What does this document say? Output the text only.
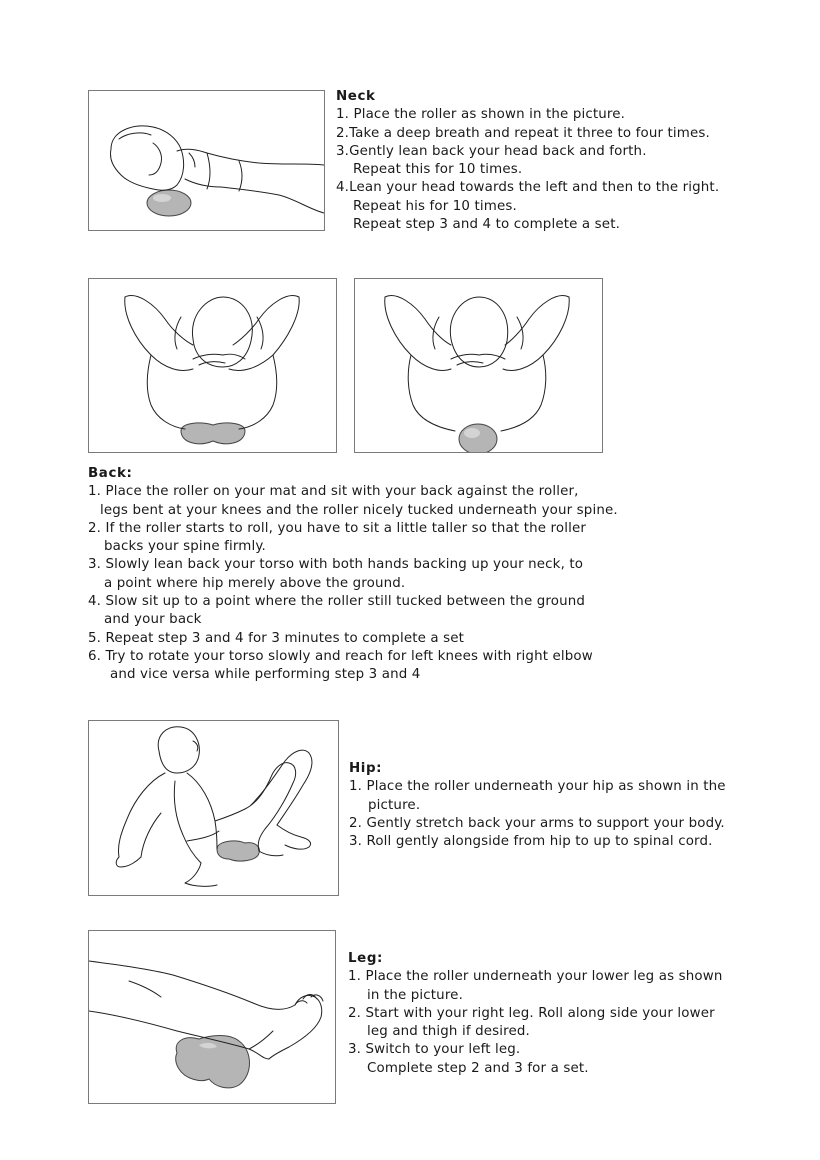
Neck
1. Place the roller as shown in the picture.
2.Take a deep breath and repeat it three to four times.
3.Gently lean back your head back and forth.
Repeat this for 10 times.
4.Lean your head towards the left and then to the right.
Repeat his for 10 times.
Repeat step 3 and 4 to complete a set.
Back:
1. Place the roller on your mat and sit with your back against the roller,
legs bent at your knees and the roller nicely tucked underneath your spine.
2. If the roller starts to roll, you have to sit a little taller so that the roller
backs your spine firmly.
3. Slowly lean back your torso with both hands backing up your neck, to
a point where hip merely above the ground.
4. Slow sit up to a point where the roller still tucked between the ground
and your back
5. Repeat step 3 and 4 for 3 minutes to complete a set
6. Try to rotate your torso slowly and reach for left knees with right elbow
and vice versa while performing step 3 and 4
Hip:
1. Place the roller underneath your hip as shown in the
picture.
2. Gently stretch back your arms to support your body.
3. Roll gently alongside from hip to up to spinal cord.
Leg:
1. Place the roller underneath your lower leg as shown
in the picture.
2. Start with your right leg. Roll along side your lower
leg and thigh if desired.
3. Switch to your left leg.
Complete step 2 and 3 for a set.
